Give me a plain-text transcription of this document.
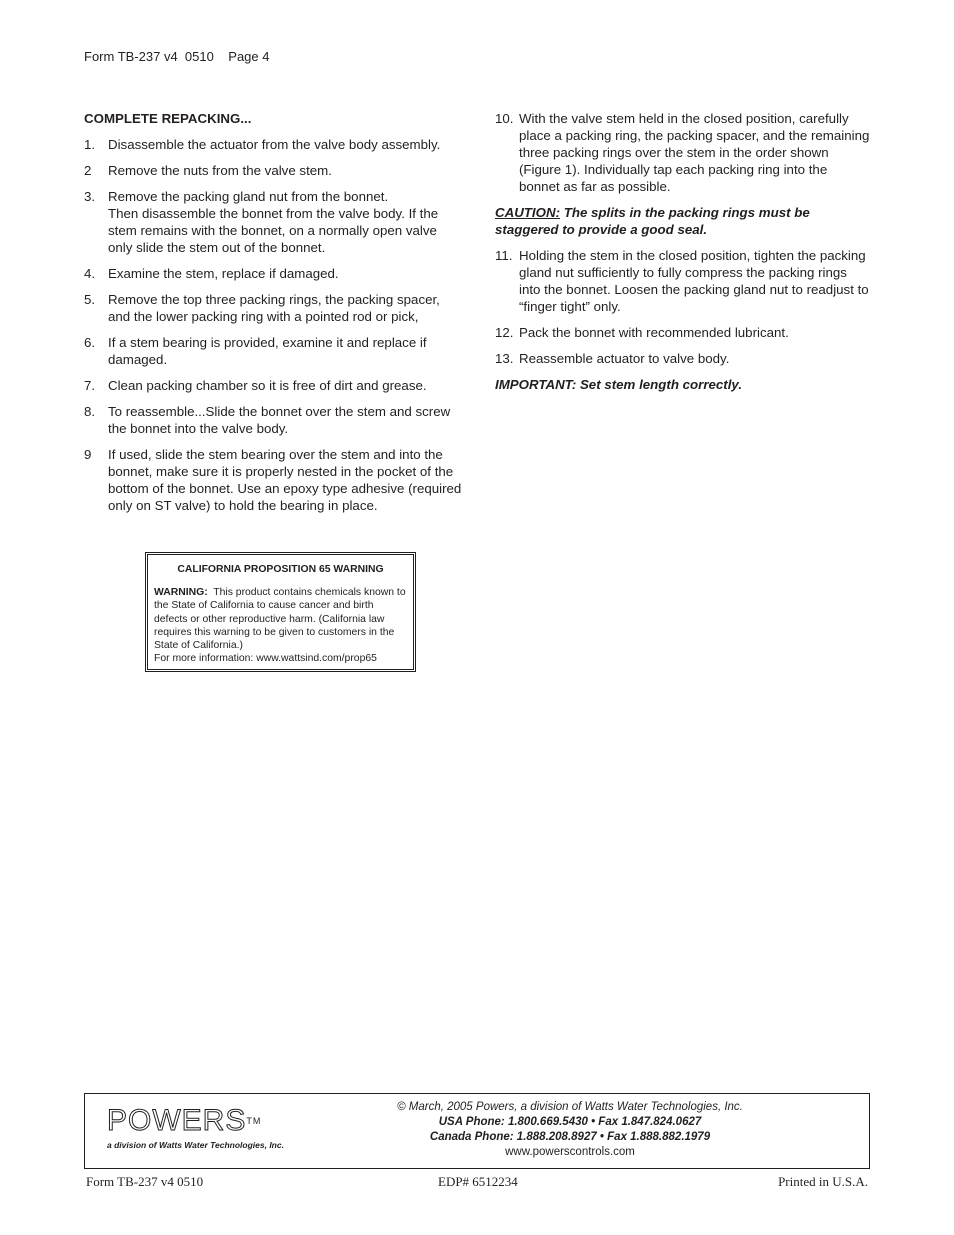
Form TB-237 v4  0510    Page 4
COMPLETE REPACKING...
1. Disassemble the actuator from the valve body assembly.
2	Remove the nuts from the valve stem.
3. Remove the packing gland nut from the bonnet.
Then disassemble the bonnet from the valve body. If the stem remains with the bonnet, on a normally open valve only slide the stem out of the bonnet.
4. Examine the stem, replace if damaged.
5. Remove the top three packing rings, the packing spacer, and the lower packing ring with a pointed rod or pick,
6. If a stem bearing is provided, examine it and replace if damaged.
7. Clean packing chamber so it is free of dirt and grease.
8. To reassemble...Slide the bonnet over the stem and screw the bonnet into the valve body.
9	If used, slide the stem bearing over the stem and into the bonnet, make sure it is properly nested in the pocket of the bottom of the bonnet. Use an epoxy type adhesive (required only on ST valve) to hold the bearing in place.
10. With the valve stem held in the closed position, carefully place a packing ring, the packing spacer, and the remaining three packing rings over the stem in the order shown (Figure 1). Individually tap each packing ring into the bonnet as far as possible.
CAUTION: The splits in the packing rings must be staggered to provide a good seal.
11. Holding the stem in the closed position, tighten the packing gland nut sufficiently to fully compress the packing rings into the bonnet. Loosen the packing gland nut to readjust to “finger tight” only.
12. Pack the bonnet with recommended lubricant.
13. Reassemble actuator to valve body.
IMPORTANT: Set stem length correctly.
CALIFORNIA PROPOSITION 65 WARNING
WARNING:  This product contains chemicals known to the State of California to cause cancer and birth defects or other reproductive harm. (California law requires this warning to be given to customers in the State of California.)
For more information: www.wattsind.com/prop65
POWERS™
a division of Watts Water Technologies, Inc.
© March, 2005 Powers, a division of Watts Water Technologies, Inc.
USA Phone: 1.800.669.5430 • Fax 1.847.824.0627
Canada Phone: 1.888.208.8927 • Fax 1.888.882.1979
www.powerscontrols.com
Form TB-237 v4 0510	EDP# 6512234	Printed in U.S.A.
